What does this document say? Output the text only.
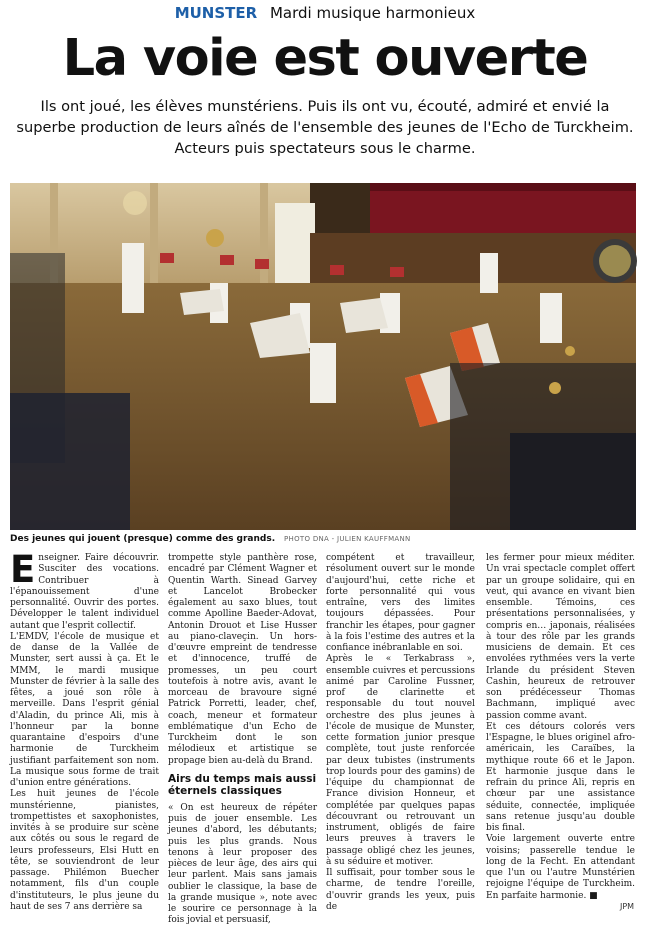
MUNSTER Mardi musique harmonieux
La voie est ouverte
Ils ont joué, les élèves munstériens. Puis ils ont vu, écouté, admiré et envié la superbe production de leurs aînés de l'ensemble des jeunes de l'Echo de Turckheim. Acteurs puis spectateurs sous le charme.
Des jeunes qui jouent (presque) comme des grands. PHOTO DNA - JULIEN KAUFFMANN
E nseigner. Faire découvrir. Susciter des vocations. Contribuer à l'épanouissement d'une personnalité. Ouvrir des portes. Développer le talent individuel autant que l'esprit collectif.

L'EMDV, l'école de musique et de danse de la Vallée de Munster, sert aussi à ça. Et le MMM, le mardi musique Munster de février à la salle des fêtes, a joué son rôle à merveille. Dans l'esprit génial d'Aladin, du prince Ali, mis à l'honneur par la bonne quarantaine d'espoirs d'une harmonie de Turckheim justifiant parfaitement son nom. La musique sous forme de trait d'union entre générations.

Les huit jeunes de l'école munstérienne, pianistes, trompettistes et saxophonistes, invités à se produire sur scène aux côtés ou sous le regard de leurs professeurs, Elsi Hutt en tête, se souviendront de leur passage. Philémon Buecher notamment, fils d'un couple d'instituteurs, le plus jeune du haut de ses 7 ans derrière sa

trompette style panthère rose, encadré par Clément Wagner et Quentin Warth. Sinead Garvey et Lancelot Brobecker également au saxo blues, tout comme Apolline Baeder-Adovat, Antonin Drouot et Lise Husser au piano-claveçin. Un hors-d'œuvre empreint de tendresse et d'innocence, truffé de promesses, un peu court toutefois à notre avis, avant le morceau de bravoure signé Patrick Porretti, leader, chef, coach, meneur et formateur emblématique d'un Echo de Turckheim dont le son mélodieux et artistique se propage bien au-delà du Brand.

Airs du temps mais aussi éternels classiques

« On est heureux de répéter puis de jouer ensemble. Les jeunes d'abord, les débutants; puis les plus grands. Nous tenons à leur proposer des pièces de leur âge, des airs qui leur parlent. Mais sans jamais oublier le classique, la base de la grande musique », note avec le sourire ce personnage à la fois jovial et persuasif,

compétent et travailleur, résolument ouvert sur le monde d'aujourd'hui, cette riche et forte personnalité qui vous entraîne, vers des limites toujours dépassées. Pour franchir les étapes, pour gagner à la fois l'estime des autres et la confiance inébranlable en soi.

Après le « Terkabrass », ensemble cuivres et percussions animé par Caroline Fussner, prof de clarinette et responsable du tout nouvel orchestre des plus jeunes à l'école de musique de Munster, cette formation junior presque complète, tout juste renforcée par deux tubistes (instruments trop lourds pour des gamins) de l'équipe du championnat de France division Honneur, et complétée par quelques papas découvrant ou retrouvant un instrument, obligés de faire leurs preuves à travers le passage obligé chez les jeunes, à su séduire et motiver.

Il suffisait, pour tomber sous le charme, de tendre l'oreille, d'ouvrir grands les yeux, puis de

les fermer pour mieux méditer. Un vrai spectacle complet offert par un groupe solidaire, qui en veut, qui avance en vivant bien ensemble. Témoins, ces présentations personnalisées, y compris en… japonais, réalisées à tour des rôle par les grands musiciens de demain. Et ces envolées rythmées vers la verte Irlande du président Steven Cashin, heureux de retrouver son prédécesseur Thomas Bachmann, impliqué avec passion comme avant.

Et ces détours colorés vers l'Espagne, le blues originel afro-américain, les Caraïbes, la mythique route 66 et le Japon. Et harmonie jusque dans le refrain du prince Ali, repris en chœur par une assistance séduite, connectée, impliquée sans retenue jusqu'au double bis final.

Voie largement ouverte entre voisins; passerelle tendue le long de la Fecht. En attendant que l'un ou l'autre Munstérien rejoigne l'équipe de Turckheim. En parfaite harmonie. ■

JPM
